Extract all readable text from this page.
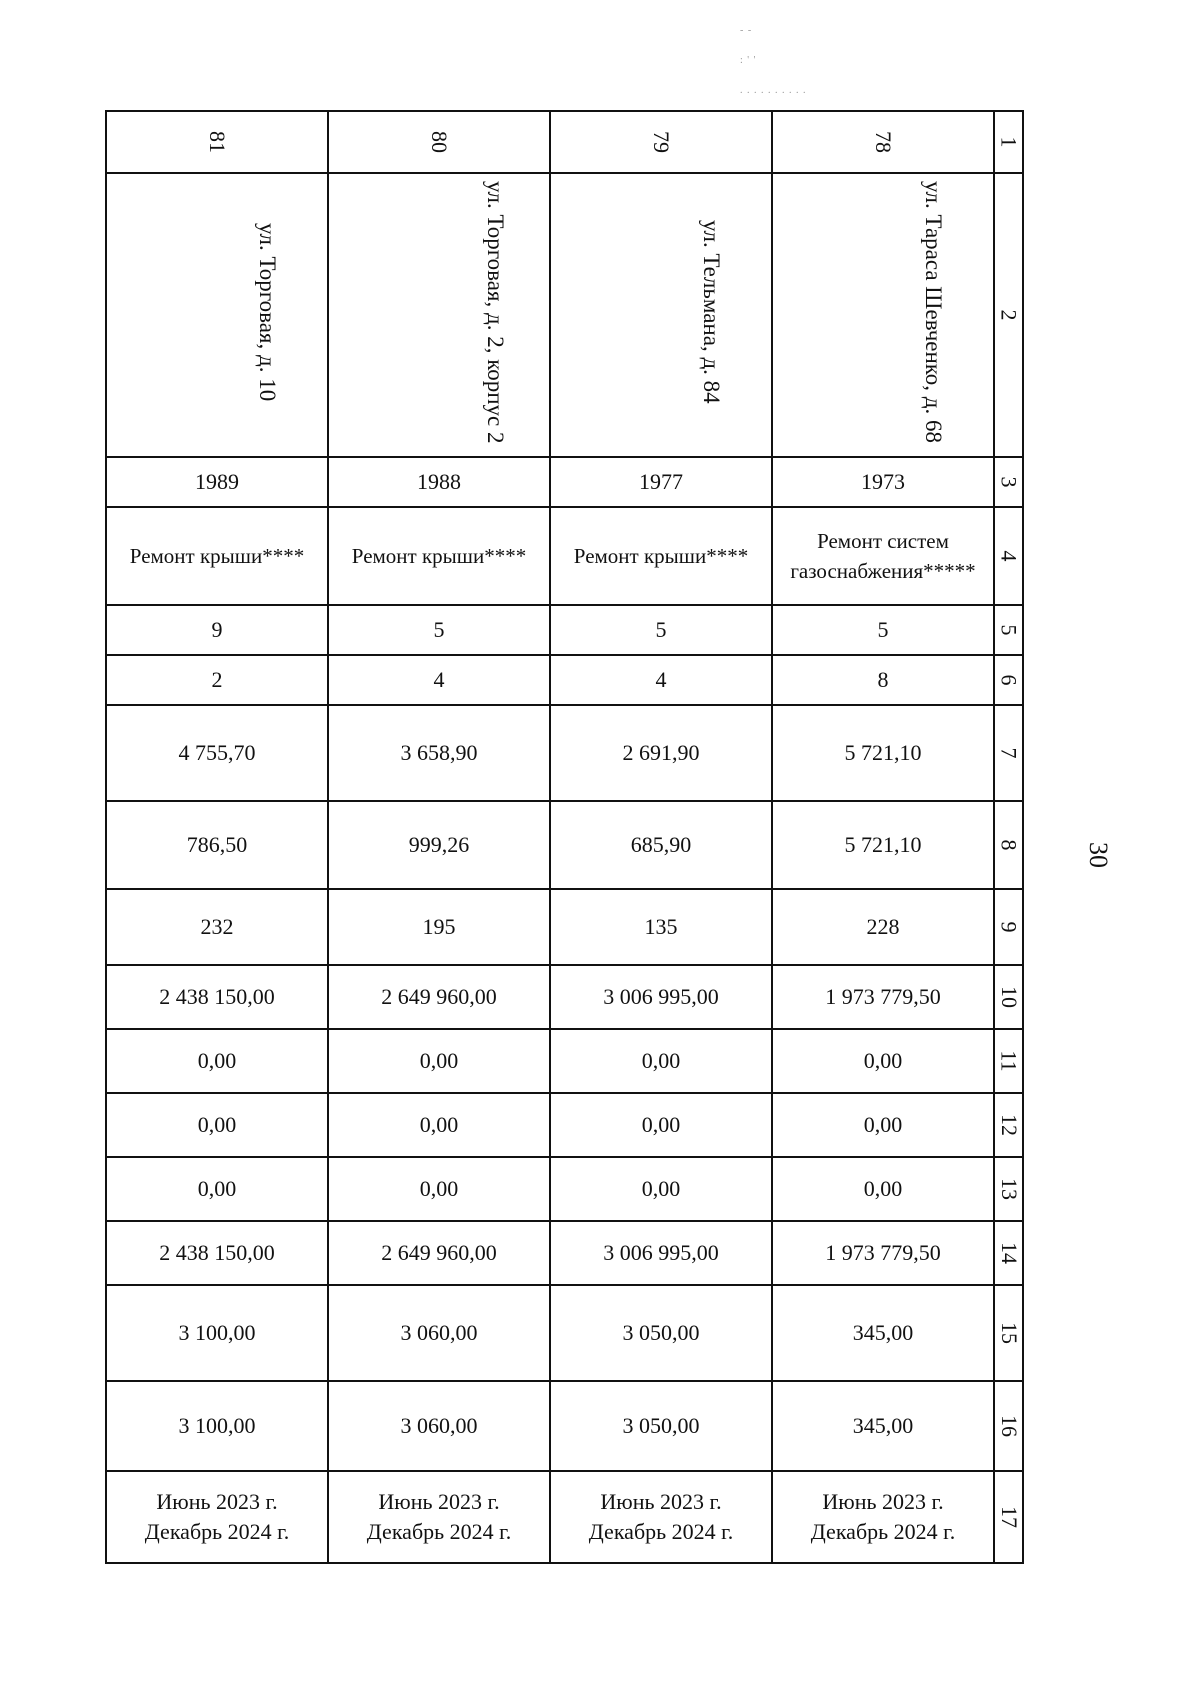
- -
: ' '
. . . . . . . . . .
30
81	80	79	78	1
ул. Торговая, д. 10	ул. Торговая, д. 2, корпус 2	ул. Тельмана, д. 84	ул. Тараса Шевченко, д. 68	2
1989	1988	1977	1973	3
Ремонт крыши****	Ремонт крыши****	Ремонт крыши****	Ремонт систем
газоснабжения*****	4
9	5	5	5	5
2	4	4	8	6
4 755,70	3 658,90	2 691,90	5 721,10	7
786,50	999,26	685,90	5 721,10	8
232	195	135	228	9
2 438 150,00	2 649 960,00	3 006 995,00	1 973 779,50	10
0,00	0,00	0,00	0,00	11
0,00	0,00	0,00	0,00	12
0,00	0,00	0,00	0,00	13
2 438 150,00	2 649 960,00	3 006 995,00	1 973 779,50	14
3 100,00	3 060,00	3 050,00	345,00	15
3 100,00	3 060,00	3 050,00	345,00	16

Июнь 2023 г.
Декабрь 2024 г.	Июнь 2023 г.
Декабрь 2024 г.	Июнь 2023 г.
Декабрь 2024 г.	Июнь 2023 г.
Декабрь 2024 г.	17
